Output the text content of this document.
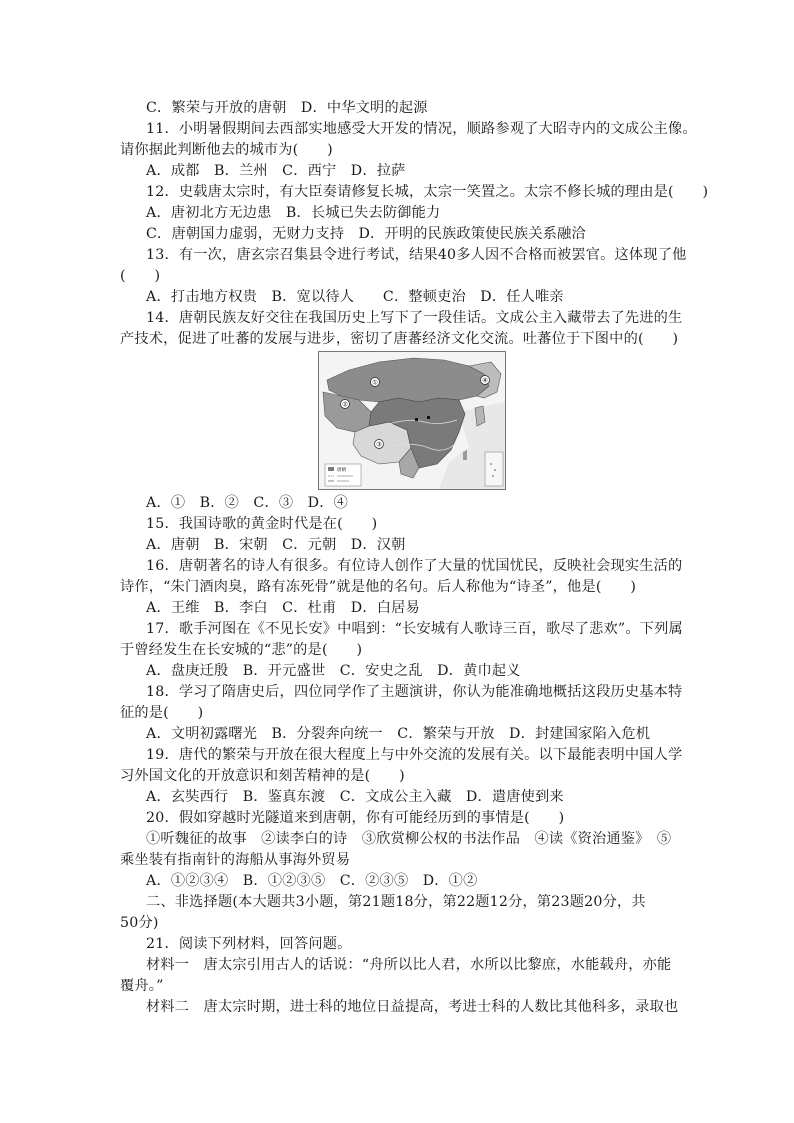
C．繁荣与开放的唐朝　D．中华文明的起源
11．小明暑假期间去西部实地感受大开发的情况，顺路参观了大昭寺内的文成公主像。
请你据此判断他去的城市为(　　)
A．成都　B．兰州　C．西宁　D．拉萨
12．史载唐太宗时，有大臣奏请修复长城，太宗一笑置之。太宗不修长城的理由是(　　)
A．唐初北方无边患　B．长城已失去防御能力
C．唐朝国力虚弱，无财力支持　D．开明的民族政策使民族关系融洽
13．有一次，唐玄宗召集县令进行考试，结果40多人因不合格而被罢官。这体现了他
(　　)
A．打击地方权贵　B．宽以待人　　C．整顿吏治　D．任人唯亲
14．唐朝民族友好交往在我国历史上写下了一段佳话。文成公主入藏带去了先进的生
产技术，促进了吐蕃的发展与进步，密切了唐蕃经济文化交流。吐蕃位于下图中的(　　)
①
②
③
④
唐朝
A．①　B．②　C．③　D．④
15．我国诗歌的黄金时代是在(　　)
A．唐朝　B．宋朝　C．元朝　D．汉朝
16．唐朝著名的诗人有很多。有位诗人创作了大量的忧国忧民，反映社会现实生活的
诗作，“朱门酒肉臭，路有冻死骨”就是他的名句。后人称他为“诗圣”，他是(　　)
A．王维　B．李白　C．杜甫　D．白居易
17．歌手河图在《不见长安》中唱到：“长安城有人歌诗三百，歌尽了悲欢”。下列属
于曾经发生在长安城的“悲”的是(　　)
A．盘庚迁殷　B．开元盛世　C．安史之乱　D．黄巾起义
18．学习了隋唐史后，四位同学作了主题演讲，你认为能准确地概括这段历史基本特
征的是(　　)
A．文明初露曙光　B．分裂奔向统一　C．繁荣与开放　D．封建国家陷入危机
19．唐代的繁荣与开放在很大程度上与中外交流的发展有关。以下最能表明中国人学
习外国文化的开放意识和刻苦精神的是(　　)
A．玄奘西行　B．鉴真东渡　C．文成公主入藏　D．遣唐使到来
20．假如穿越时光隧道来到唐朝，你有可能经历到的事情是(　　)
①听魏征的故事　②读李白的诗　③欣赏柳公权的书法作品　④读《资治通鉴》　⑤
乘坐装有指南针的海船从事海外贸易
A．①②③④　B．①②③⑤　C．②③⑤　D．①②
二、非选择题(本大题共3小题，第21题18分，第22题12分，第23题20分，共
50分)
21．阅读下列材料，回答问题。
材料一　唐太宗引用古人的话说：“舟所以比人君，水所以比黎庶，水能载舟，亦能
覆舟。”
材料二　唐太宗时期，进士科的地位日益提高，考进士科的人数比其他科多，录取也
